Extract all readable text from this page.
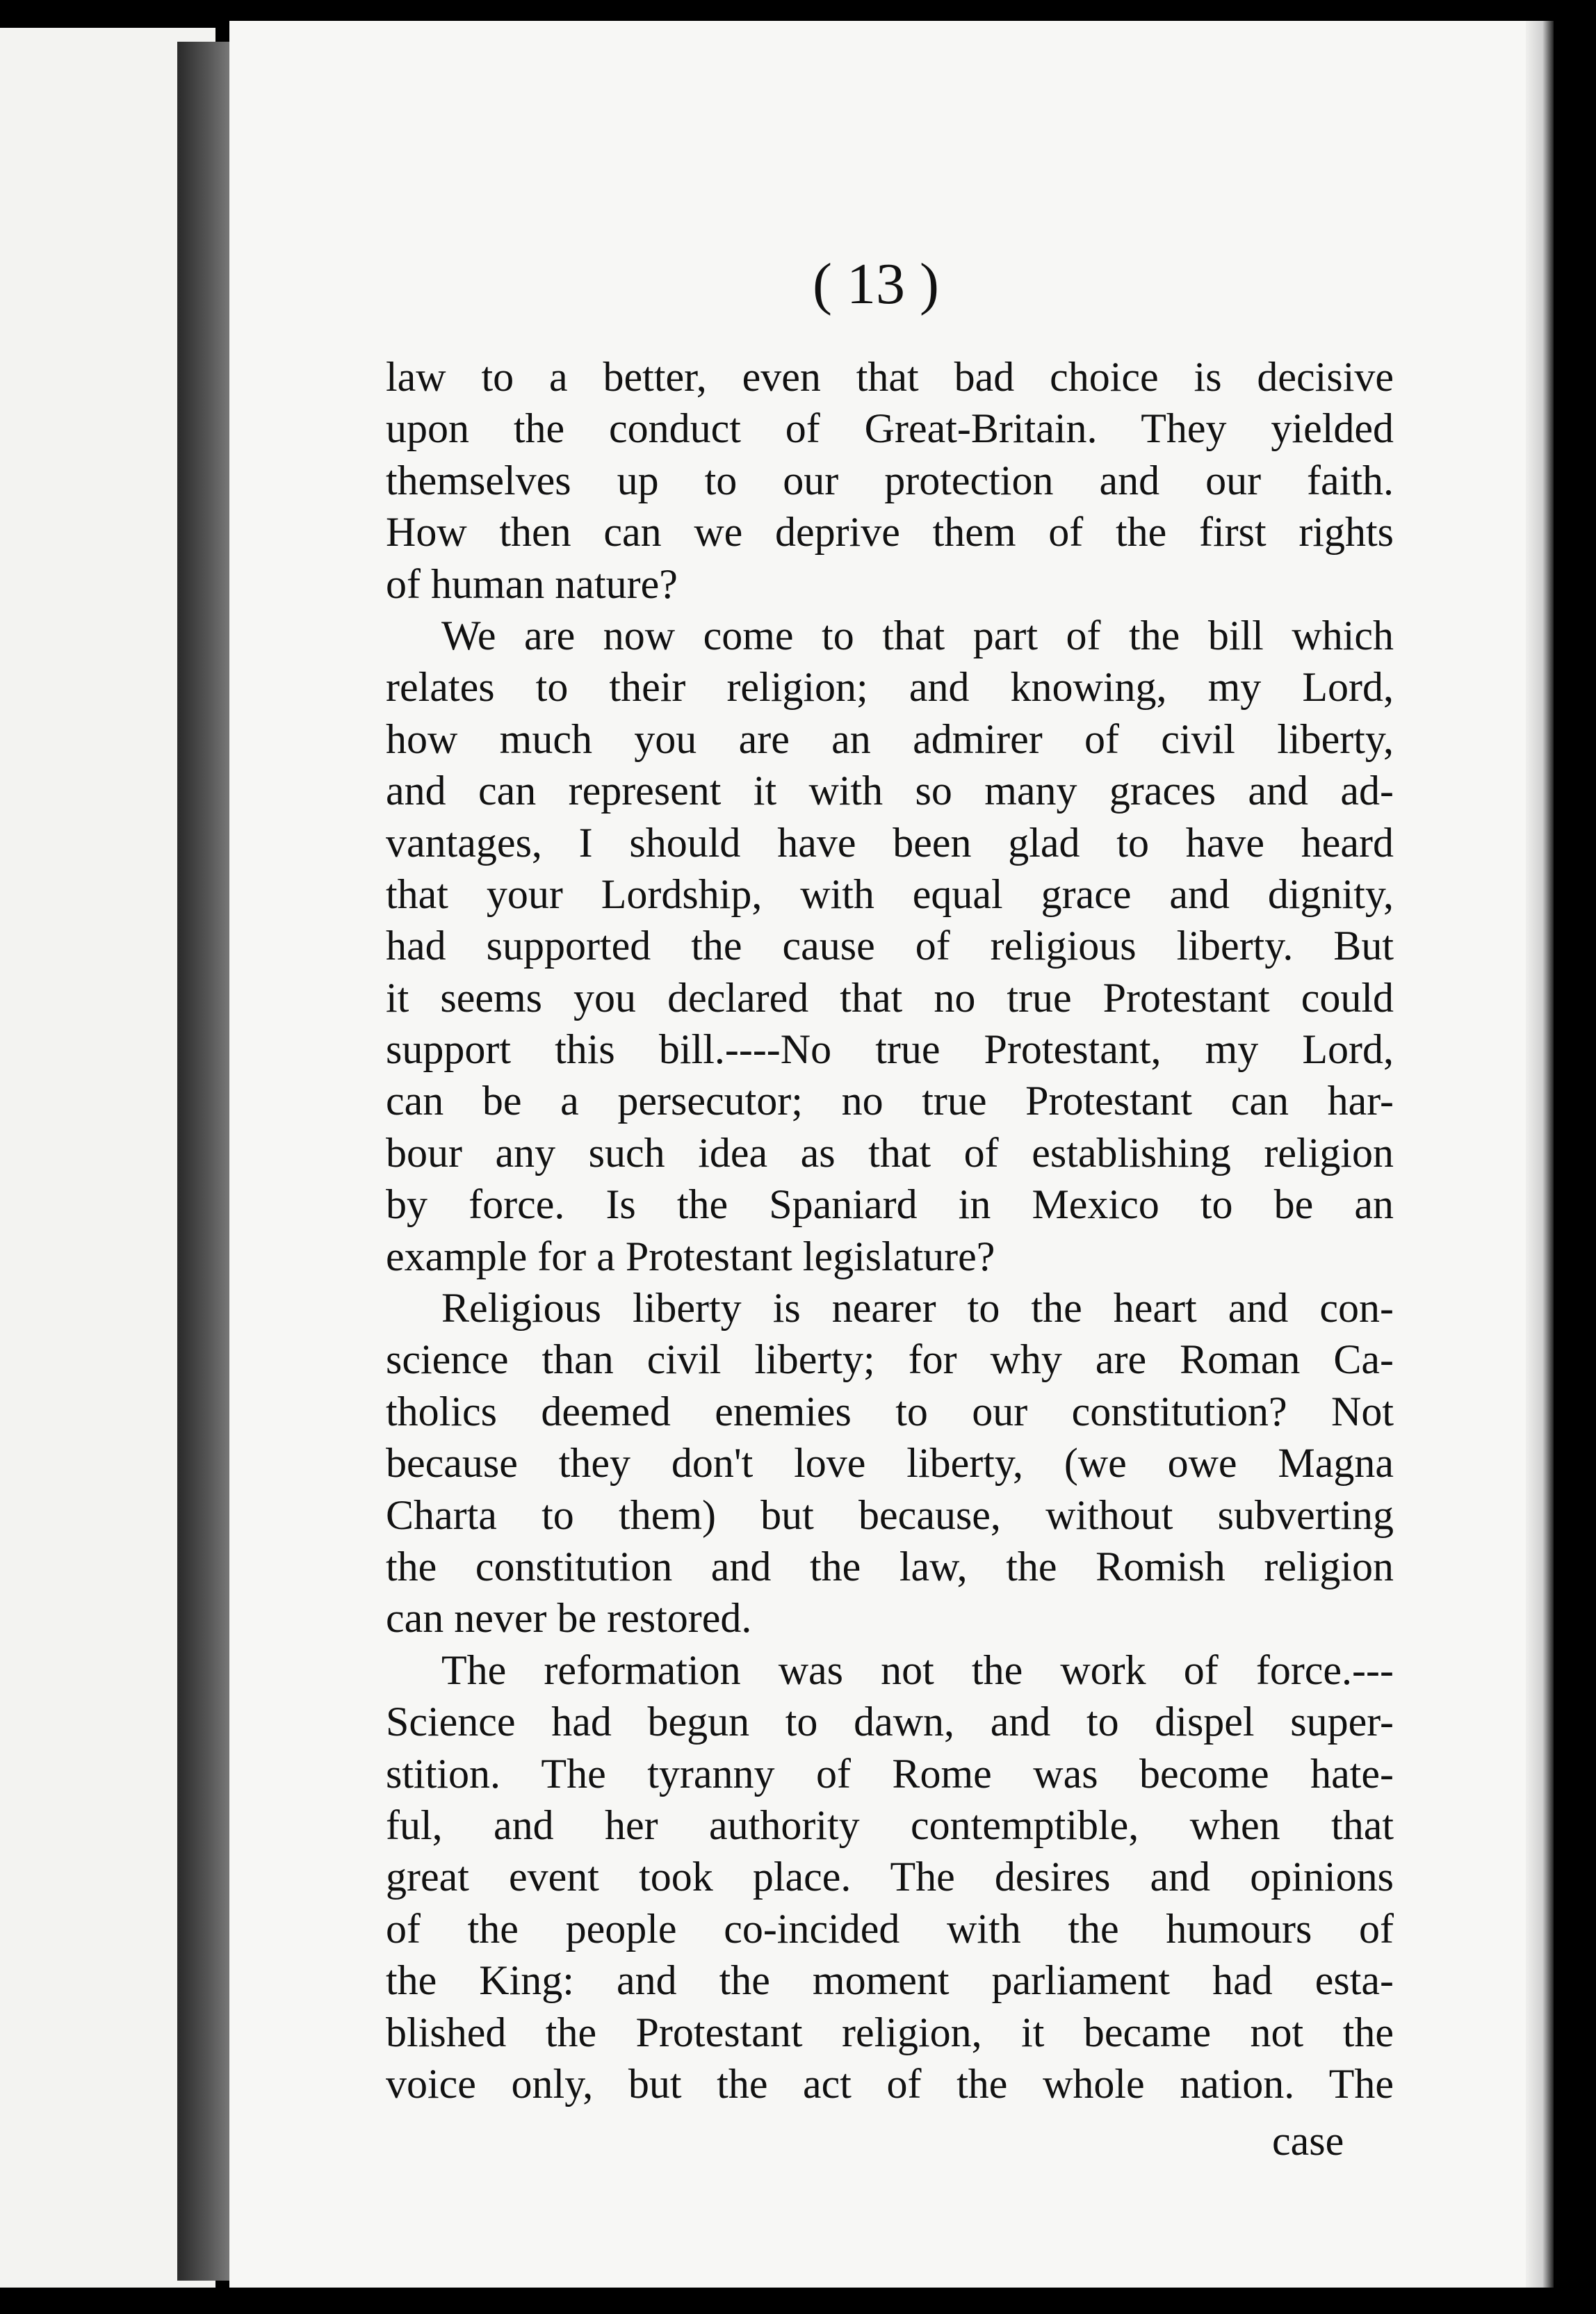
( 13 )
law to a better, even that bad choice is decisive
upon the conduct of Great-Britain. They yielded
themselves up to our protection and our faith.
How then can we deprive them of the first rights
of human nature?
We are now come to that part of the bill which
relates to their religion; and knowing, my Lord,
how much you are an admirer of civil liberty,
and can represent it with so many graces and ad-
vantages, I should have been glad to have heard
that your Lordship, with equal grace and dignity,
had supported the cause of religious liberty. But
it seems you declared that no true Protestant could
support this bill.----No true Protestant, my Lord,
can be a persecutor; no true Protestant can har-
bour any such idea as that of establishing religion
by force. Is the Spaniard in Mexico to be an
example for a Protestant legislature?
Religious liberty is nearer to the heart and con-
science than civil liberty; for why are Roman Ca-
tholics deemed enemies to our constitution? Not
because they don't love liberty, (we owe Magna
Charta to them) but because, without subverting
the constitution and the law, the Romish religion
can never be restored.
The reformation was not the work of force.---
Science had begun to dawn, and to dispel super-
stition. The tyranny of Rome was become hate-
ful, and her authority contemptible, when that
great event took place. The desires and opinions
of the people co-incided with the humours of
the King: and the moment parliament had esta-
blished the Protestant religion, it became not the
voice only, but the act of the whole nation. The
case
